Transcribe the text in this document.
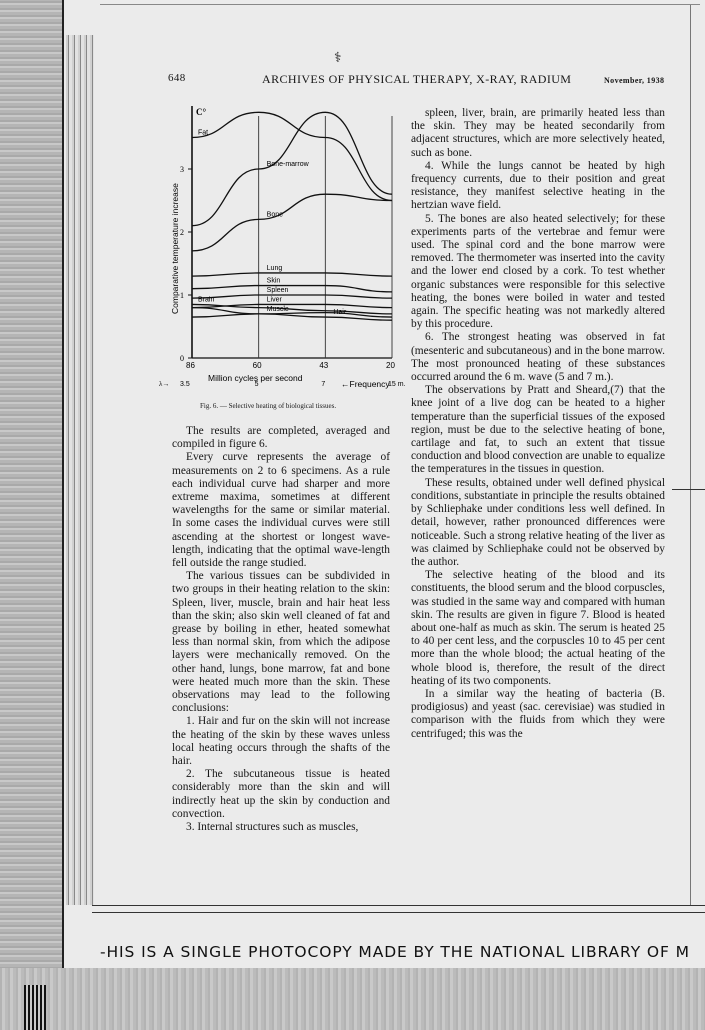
648
⚕
ARCHIVES OF PHYSICAL THERAPY, X-RAY, RADIUM	November, 1938
0
1
2
3
86	60	43	20
3.5	5	7	15 m.
Fat
Bone-marrow
Bone
Lung
Skin
Spleen
Liver
Brain
Muscle	Hair
C°
Comparative temperature increase
Million cycles per second
←Frequency
λ→
Fig. 6. — Selective heating of biological tissues.

The results are completed, averaged and compiled in figure 6.

Every curve represents the average of measurements on 2 to 6 specimens. As a rule each individual curve had sharper and more extreme maxima, sometimes at different wavelengths for the same or similar material. In some cases the individual curves were still ascending at the shortest or longest wave-length, indicating that the optimal wave-length fell outside the range studied.

The various tissues can be subdivided in two groups in their heating relation to the skin: Spleen, liver, muscle, brain and hair heat less than the skin; also skin well cleaned of fat and grease by boiling in ether, heated somewhat less than normal skin, from which the adipose layers were mechanically removed. On the other hand, lungs, bone marrow, fat and bone were heated much more than the skin. These observations may lead to the following conclusions:

1. Hair and fur on the skin will not increase the heating of the skin by these waves unless local heating occurs through the shafts of the hair.

2. The subcutaneous tissue is heated considerably more than the skin and will indirectly heat up the skin by conduction and convection.

3. Internal structures such as muscles,

spleen, liver, brain, are primarily heated less than the skin. They may be heated secondarily from adjacent structures, which are more selectively heated, such as bone.

4. While the lungs cannot be heated by high frequency currents, due to their position and great resistance, they manifest selective heating in the hertzian wave field.

5. The bones are also heated selectively; for these experiments parts of the vertebrae and femur were used. The spinal cord and the bone marrow were removed. The thermometer was inserted into the cavity and the lower end closed by a cork. To test whether organic substances were responsible for this selective heating, the bones were boiled in water and tested again. The specific heating was not markedly altered by this procedure.

6. The strongest heating was observed in fat (mesenteric and subcutaneous) and in the bone marrow. The most pronounced heating of these substances occurred around the 6 m. wave (5 and 7 m.).

The observations by Pratt and Sheard,(7) that the knee joint of a live dog can be heated to a higher temperature than the superficial tissues of the exposed region, must be due to the selective heating of bone, cartilage and fat, to such an extent that tissue conduction and blood convection are unable to equalize the temperatures in the tissues in question.

These results, obtained under well defined physical conditions, substantiate in principle the results obtained by Schliephake under conditions less well defined. In detail, however, rather pronounced differences were noticeable. Such a strong relative heating of the liver as was claimed by Schliephake could not be observed by the author.

The selective heating of the blood and its constituents, the blood serum and the blood corpuscles, was studied in the same way and compared with human skin. The results are given in figure 7. Blood is heated about one-half as much as skin. The serum is heated 25 to 40 per cent less, and the corpuscles 10 to 45 per cent more than the whole blood; the actual heating of the whole blood is, therefore, the result of the direct heating of its two components.

In a similar way the heating of bacteria (B. prodigiosus) and yeast (sac. cerevisiae) was studied in comparison with the fluids from which they were centrifuged; this was the

-HIS IS A SINGLE PHOTOCOPY MADE BY THE NATIONAL LIBRARY OF M
